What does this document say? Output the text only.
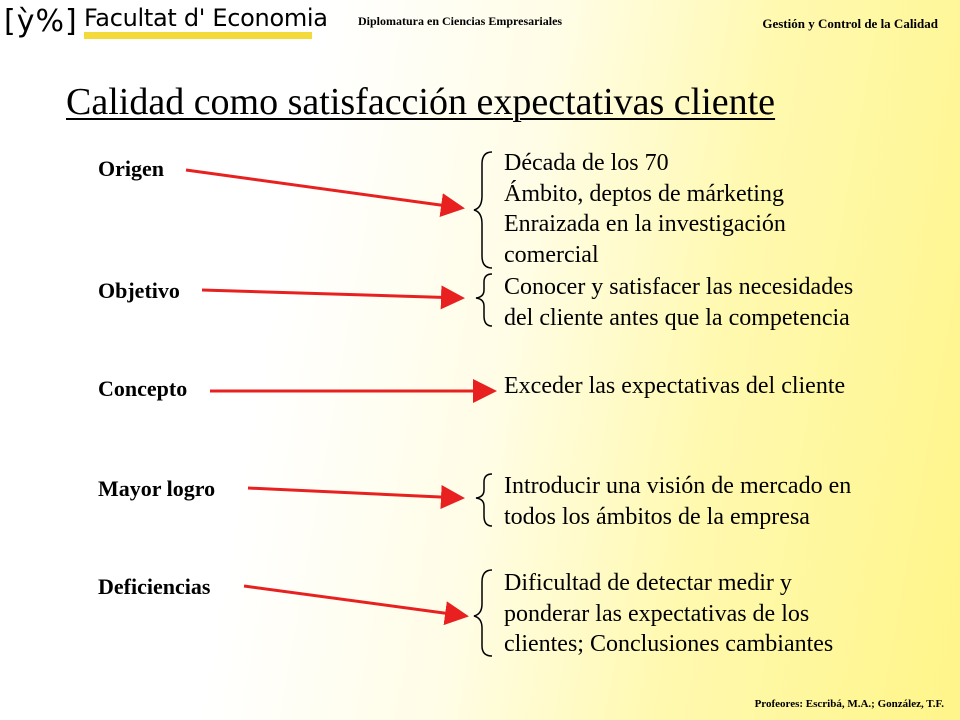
[ỳ%] Facultat d' Economia	Diplomatura en Ciencias Empresariales	Gestión y Control de la Calidad
Calidad como satisfacción expectativas cliente
Origen
Objetivo
Concepto
Mayor logro
Deficiencias
Década de los 70
Ámbito, deptos de márketing
Enraizada en la investigación
comercial
Conocer y satisfacer las necesidades
del cliente antes que la competencia
Exceder las expectativas del cliente
Introducir una visión de mercado en
todos los ámbitos de la empresa
Dificultad de detectar medir y
ponderar las expectativas de los
clientes; Conclusiones cambiantes
Profeores: Escribá, M.A.; González, T.F.
